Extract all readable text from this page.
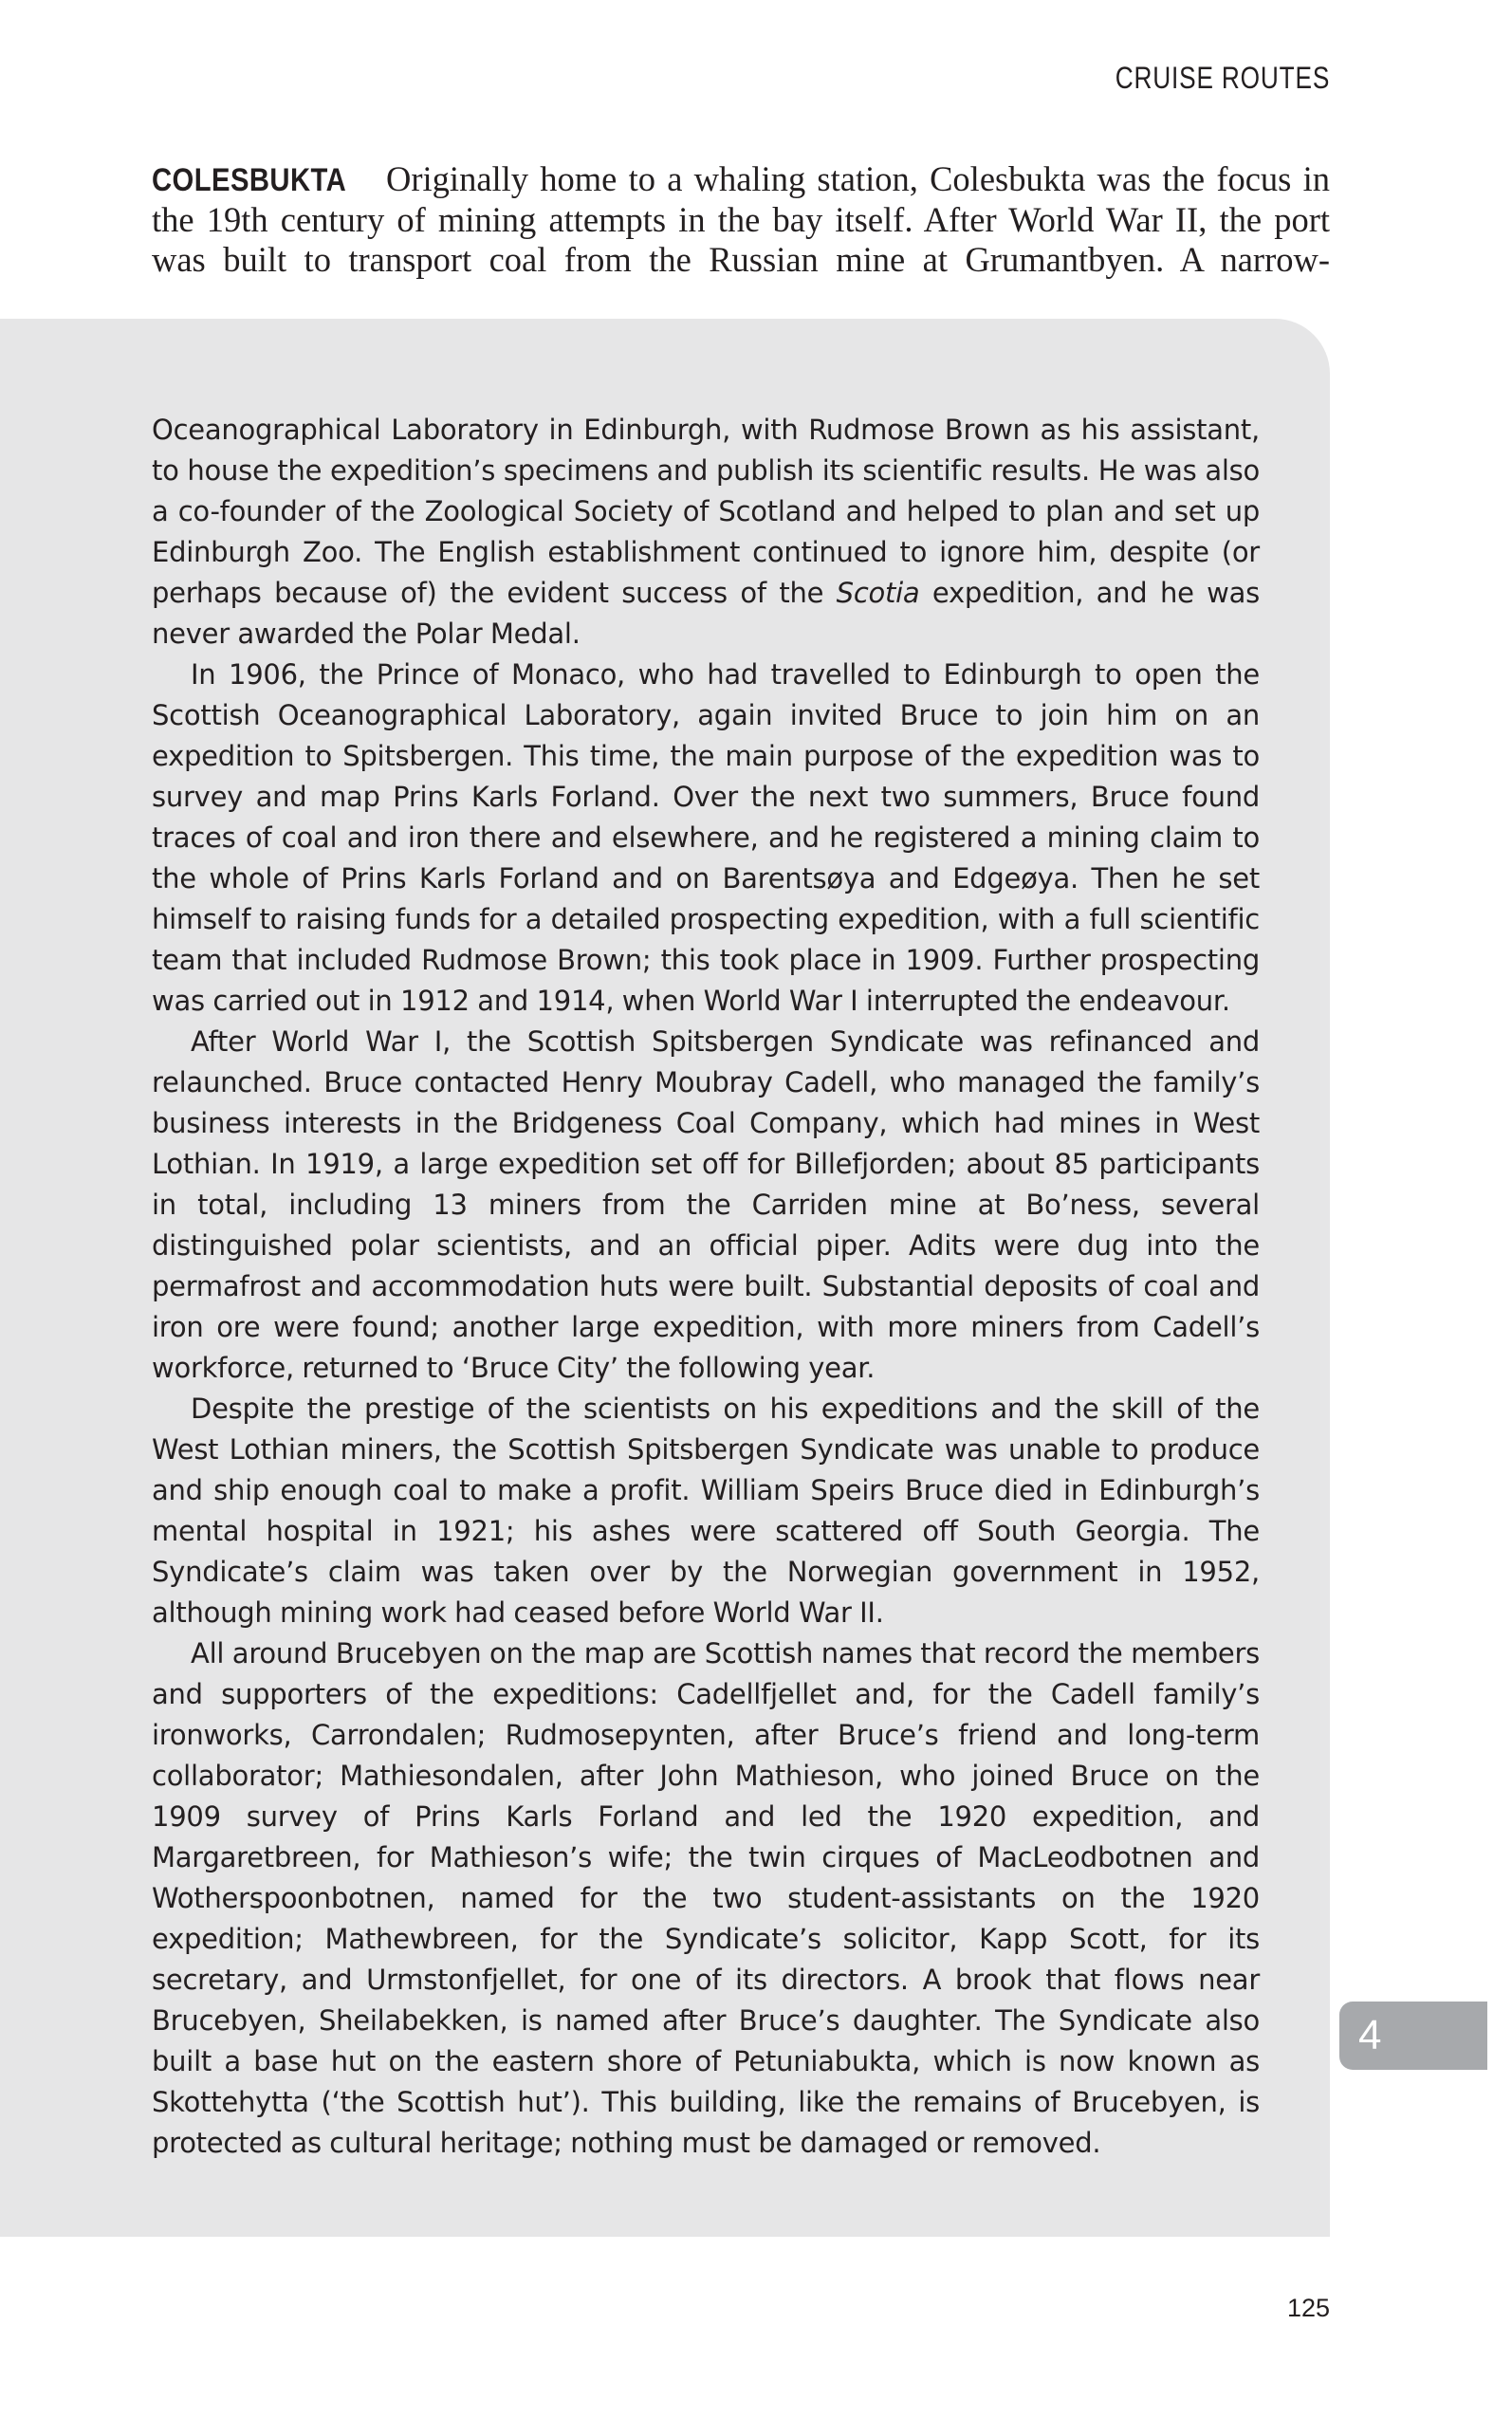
CRUISE ROUTES

COLESBUKTA Originally home to a whaling station, Colesbukta was the focus in the 19th century of mining attempts in the bay itself. After World War II, the port was built to transport coal from the Russian mine at Grumantbyen. A narrow-

Oceanographical Laboratory in Edinburgh, with Rudmose Brown as his assistant, to house the expedition’s specimens and publish its scientific results. He was also a co-founder of the Zoological Society of Scotland and helped to plan and set up Edinburgh Zoo. The English establishment continued to ignore him, despite (or perhaps because of) the evident success of the Scotia expedition, and he was never awarded the Polar Medal.

In 1906, the Prince of Monaco, who had travelled to Edinburgh to open the Scottish Oceanographical Laboratory, again invited Bruce to join him on an expedition to Spitsbergen. This time, the main purpose of the expedition was to survey and map Prins Karls Forland. Over the next two summers, Bruce found traces of coal and iron there and elsewhere, and he registered a mining claim to the whole of Prins Karls Forland and on Barentsøya and Edgeøya. Then he set himself to raising funds for a detailed prospecting expedition, with a full scientific team that included Rudmose Brown; this took place in 1909. Further prospecting was carried out in 1912 and 1914, when World War I interrupted the endeavour.

After World War I, the Scottish Spitsbergen Syndicate was refinanced and relaunched. Bruce contacted Henry Moubray Cadell, who managed the family’s business interests in the Bridgeness Coal Company, which had mines in West Lothian. In 1919, a large expedition set off for Billefjorden; about 85 participants in total, including 13 miners from the Carriden mine at Bo’ness, several distinguished polar scientists, and an official piper. Adits were dug into the permafrost and accommodation huts were built. Substantial deposits of coal and iron ore were found; another large expedition, with more miners from Cadell’s workforce, returned to ‘Bruce City’ the following year.

Despite the prestige of the scientists on his expeditions and the skill of the West Lothian miners, the Scottish Spitsbergen Syndicate was unable to produce and ship enough coal to make a profit. William Speirs Bruce died in Edinburgh’s mental hospital in 1921; his ashes were scattered off South Georgia. The Syndicate’s claim was taken over by the Norwegian government in 1952, although mining work had ceased before World War II.

All around Brucebyen on the map are Scottish names that record the members and supporters of the expeditions: Cadellfjellet and, for the Cadell family’s ironworks, Carrondalen; Rudmosepynten, after Bruce’s friend and long-term collaborator; Mathiesondalen, after John Mathieson, who joined Bruce on the 1909 survey of Prins Karls Forland and led the 1920 expedition, and Margaretbreen, for Mathieson’s wife; the twin cirques of MacLeodbotnen and Wotherspoonbotnen, named for the two student-assistants on the 1920 expedition; Mathewbreen, for the Syndicate’s solicitor, Kapp Scott, for its secretary, and Urmstonfjellet, for one of its directors. A brook that flows near Brucebyen, Sheilabekken, is named after Bruce’s daughter. The Syndicate also built a base hut on the eastern shore of Petuniabukta, which is now known as Skottehytta (‘the Scottish hut’). This building, like the remains of Brucebyen, is protected as cultural heritage; nothing must be damaged or removed.

4
125
